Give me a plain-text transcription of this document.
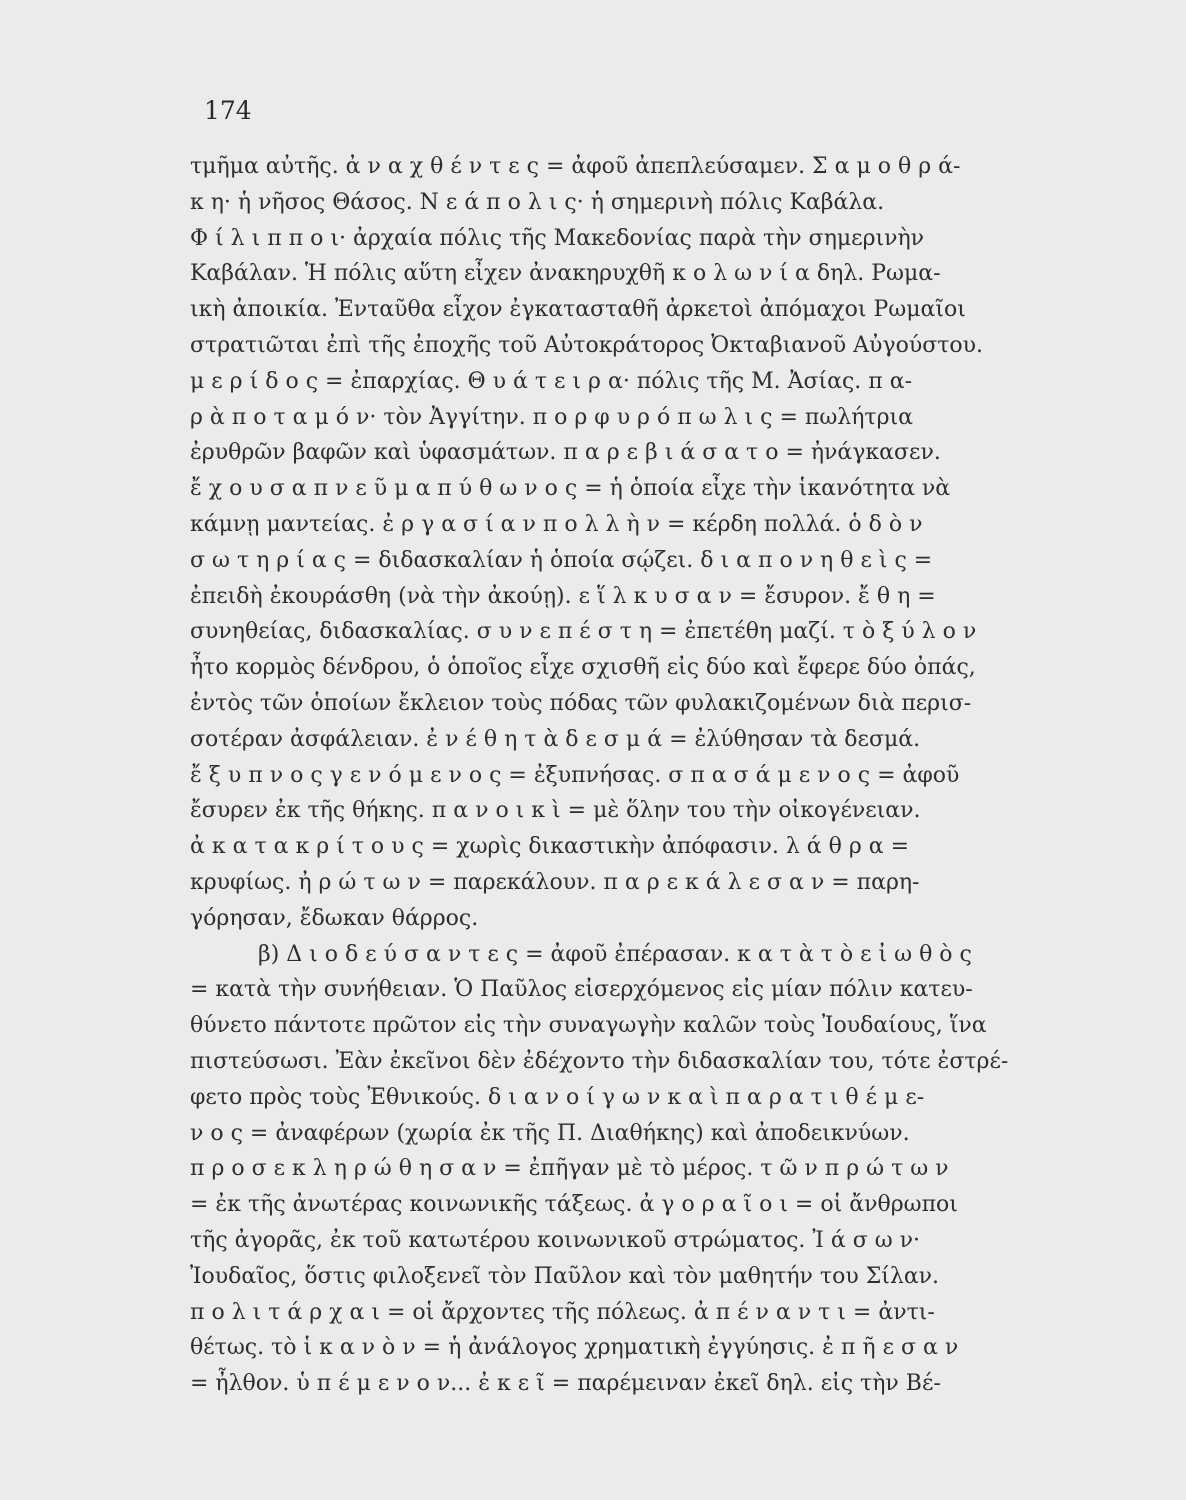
174
τμῆμα αὐτῆς. ἀ ν α χ θ έ ν τ ε ς = ἀφοῦ ἀπεπλεύσαμεν. Σ α μ ο θ ρ ά-
κ η· ἡ νῆσος Θάσος. Ν ε ά π ο λ ι ς· ἡ σημερινὴ πόλις Καβάλα.
Φ ί λ ι π π ο ι· ἀρχαία πόλις τῆς Μακεδονίας παρὰ τὴν σημερινὴν
Καβάλαν. Ἡ πόλις αὕτη εἶχεν ἀνακηρυχθῆ κ ο λ ω ν ί α δηλ. Ρωμα-
ικὴ ἀποικία. Ἐνταῦθα εἶχον ἐγκατασταθῆ ἀρκετοὶ ἀπόμαχοι Ρωμαῖοι
στρατιῶται ἐπὶ τῆς ἐποχῆς τοῦ Αὐτοκράτορος Ὀκταβιανοῦ Αὐγούστου.
μ ε ρ ί δ ο ς = ἐπαρχίας. Θ υ ά τ ε ι ρ α· πόλις τῆς Μ. Ἀσίας. π α-
ρ ὰ π ο τ α μ ό ν· τὸν Ἀγγίτην. π ο ρ φ υ ρ ό π ω λ ι ς = πωλήτρια
ἐρυθρῶν βαφῶν καὶ ὑφασμάτων. π α ρ ε β ι ά σ α τ ο = ἠνάγκασεν.
ἔ χ ο υ σ α π ν ε ῦ μ α π ύ θ ω ν ο ς = ἡ ὁποία εἶχε τὴν ἱκανότητα νὰ
κάμνῃ μαντείας. ἐ ρ γ α σ ί α ν π ο λ λ ὴ ν = κέρδη πολλά. ὁ δ ὸ ν
σ ω τ η ρ ί α ς = διδασκαλίαν ἡ ὁποία σῴζει. δ ι α π ο ν η θ ε ὶ ς =
ἐπειδὴ ἐκουράσθη (νὰ τὴν ἀκούῃ). ε ἵ λ κ υ σ α ν = ἔσυρον. ἔ θ η =
συνηθείας, διδασκαλίας. σ υ ν ε π έ σ τ η = ἐπετέθη μαζί. τ ὸ ξ ύ λ ο ν
ἦτο κορμὸς δένδρου, ὁ ὁποῖος εἶχε σχισθῆ εἰς δύο καὶ ἔφερε δύο ὀπάς,
ἐντὸς τῶν ὁποίων ἔκλειον τοὺς πόδας τῶν φυλακιζομένων διὰ περισ-
σοτέραν ἀσφάλειαν. ἐ ν έ θ η τ ὰ δ ε σ μ ά = ἐλύθησαν τὰ δεσμά.
ἔ ξ υ π ν ο ς γ ε ν ό μ ε ν ο ς = ἐξυπνήσας. σ π α σ ά μ ε ν ο ς = ἀφοῦ
ἔσυρεν ἐκ τῆς θήκης. π α ν ο ι κ ὶ = μὲ ὅλην του τὴν οἰκογένειαν.
ἀ κ α τ α κ ρ ί τ ο υ ς = χωρὶς δικαστικὴν ἀπόφασιν. λ ά θ ρ α =
κρυφίως. ἠ ρ ώ τ ω ν = παρεκάλουν. π α ρ ε κ ά λ ε σ α ν = παρη-
γόρησαν, ἔδωκαν θάρρος.
β) Δ ι ο δ ε ύ σ α ν τ ε ς = ἀφοῦ ἐπέρασαν. κ α τ ὰ τ ὸ ε ἰ ω θ ὸ ς
= κατὰ τὴν συνήθειαν. Ὁ Παῦλος εἰσερχόμενος εἰς μίαν πόλιν κατευ-
θύνετο πάντοτε πρῶτον εἰς τὴν συναγωγὴν καλῶν τοὺς Ἰουδαίους, ἵνα
πιστεύσωσι. Ἐὰν ἐκεῖνοι δὲν ἐδέχοντο τὴν διδασκαλίαν του, τότε ἐστρέ-
φετο πρὸς τοὺς Ἐθνικούς. δ ι α ν ο ί γ ω ν κ α ὶ π α ρ α τ ι θ έ μ ε-
ν ο ς = ἀναφέρων (χωρία ἐκ τῆς Π. Διαθήκης) καὶ ἀποδεικνύων.
π ρ ο σ ε κ λ η ρ ώ θ η σ α ν = ἐπῆγαν μὲ τὸ μέρος. τ ῶ ν π ρ ώ τ ω ν
= ἐκ τῆς ἀνωτέρας κοινωνικῆς τάξεως. ἀ γ ο ρ α ῖ ο ι = οἱ ἄνθρωποι
τῆς ἀγορᾶς, ἐκ τοῦ κατωτέρου κοινωνικοῦ στρώματος. Ἰ ά σ ω ν·
Ἰουδαῖος, ὅστις φιλοξενεῖ τὸν Παῦλον καὶ τὸν μαθητήν του Σίλαν.
π ο λ ι τ ά ρ χ α ι = οἱ ἄρχοντες τῆς πόλεως. ἀ π έ ν α ν τ ι = ἀντι-
θέτως. τὸ ἱ κ α ν ὸ ν = ἡ ἀνάλογος χρηματικὴ ἐγγύησις. ἐ π ῆ ε σ α ν
= ἦλθον. ὑ π έ μ ε ν ο ν... ἐ κ ε ῖ = παρέμειναν ἐκεῖ δηλ. εἰς τὴν Βέ-
